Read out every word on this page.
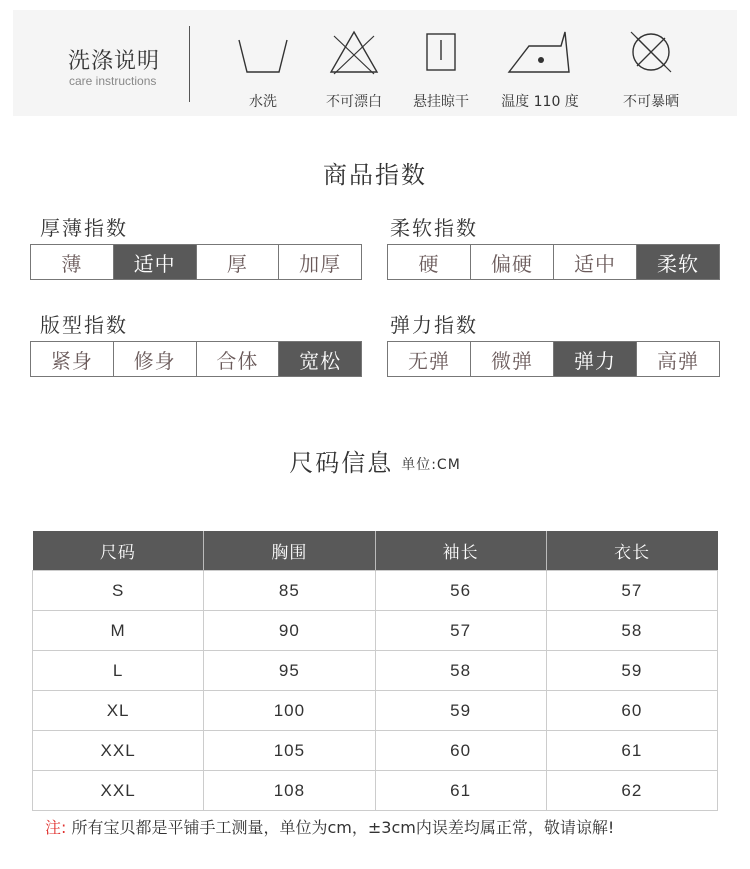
洗涤说明
care instructions
水洗	不可漂白	悬挂晾干	温度 110 度	不可暴晒
商品指数
厚薄指数
薄	适中	厚	加厚
柔软指数
硬	偏硬	适中	柔软
版型指数
紧身	修身	合体	宽松
弹力指数
无弹	微弹	弹力	高弹
尺码信息 单位:CM
尺码	胸围	袖长	衣长
S	85	56	57
M	90	57	58
L	95	58	59
XL	100	59	60
XXL	105	60	61
XXL	108	61	62
注: 所有宝贝都是平铺手工测量，单位为cm，±3cm内误差均属正常，敬请谅解!
